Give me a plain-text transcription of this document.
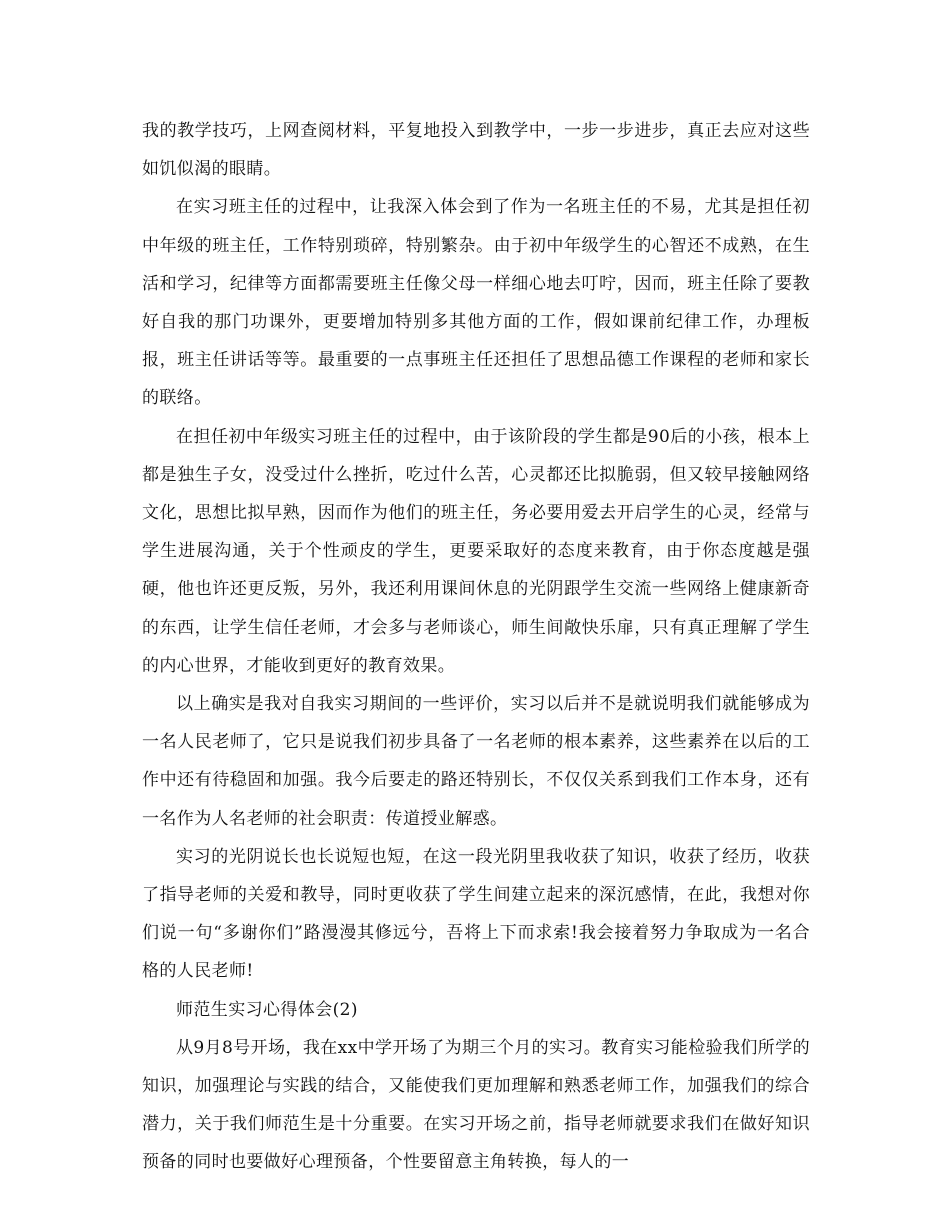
我的教学技巧，上网查阅材料，平复地投入到教学中，一步一步进步，真正去应对这些如饥似渴的眼睛。

在实习班主任的过程中，让我深入体会到了作为一名班主任的不易，尤其是担任初中年级的班主任，工作特别琐碎，特别繁杂。由于初中年级学生的心智还不成熟，在生活和学习，纪律等方面都需要班主任像父母一样细心地去叮咛，因而，班主任除了要教好自我的那门功课外，更要增加特别多其他方面的工作，假如课前纪律工作，办理板报，班主任讲话等等。最重要的一点事班主任还担任了思想品德工作课程的老师和家长的联络。

在担任初中年级实习班主任的过程中，由于该阶段的学生都是90后的小孩，根本上都是独生子女，没受过什么挫折，吃过什么苦，心灵都还比拟脆弱，但又较早接触网络文化，思想比拟早熟，因而作为他们的班主任，务必要用爱去开启学生的心灵，经常与学生进展沟通，关于个性顽皮的学生，更要采取好的态度来教育，由于你态度越是强硬，他也许还更反叛，另外，我还利用课间休息的光阴跟学生交流一些网络上健康新奇的东西，让学生信任老师，才会多与老师谈心，师生间敞快乐扉，只有真正理解了学生的内心世界，才能收到更好的教育效果。

以上确实是我对自我实习期间的一些评价，实习以后并不是就说明我们就能够成为一名人民老师了，它只是说我们初步具备了一名老师的根本素养，这些素养在以后的工作中还有待稳固和加强。我今后要走的路还特别长，不仅仅关系到我们工作本身，还有一名作为人名老师的社会职责：传道授业解惑。

实习的光阴说长也长说短也短，在这一段光阴里我收获了知识，收获了经历，收获了指导老师的关爱和教导，同时更收获了学生间建立起来的深沉感情，在此，我想对你们说一句“多谢你们”路漫漫其修远兮，吾将上下而求索!我会接着努力争取成为一名合格的人民老师!

师范生实习心得体会(2)

从9月8号开场，我在xx中学开场了为期三个月的实习。教育实习能检验我们所学的知识，加强理论与实践的结合，又能使我们更加理解和熟悉老师工作，加强我们的综合潜力，关于我们师范生是十分重要。在实习开场之前，指导老师就要求我们在做好知识预备的同时也要做好心理预备，个性要留意主角转换，每人的一
